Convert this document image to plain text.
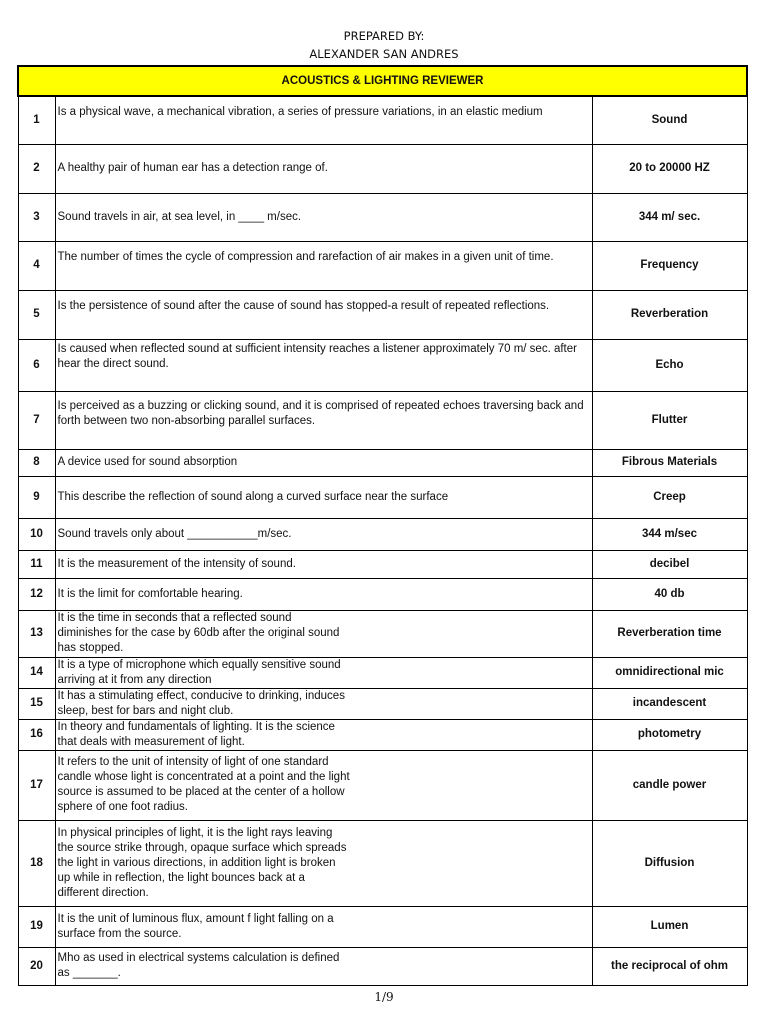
PREPARED BY:
ALEXANDER SAN ANDRES
ACOUSTICS & LIGHTING REVIEWER		
1	Is a physical wave, a mechanical vibration, a series of pressure variations, in an elastic medium	Sound
2	A healthy pair of human ear has a detection range of.	20 to 20000 HZ
3	Sound travels in air, at sea level, in ____ m/sec.	344 m/ sec.
4	The number of times the cycle of compression and rarefaction of air makes in a given unit of time.	Frequency
5	Is the persistence of sound after the cause of sound has stopped-a result of repeated reflections.	Reverberation
6	Is caused when reflected sound at sufficient intensity reaches a listener approximately 70 m/ sec. after hear the direct sound.	Echo
7	Is perceived as a buzzing or clicking sound, and it is comprised of repeated echoes traversing back and forth between two non-absorbing parallel surfaces.	Flutter
8	A device used for sound absorption	Fibrous Materials
9	This describe the reflection of sound along a curved surface near the surface	Creep
10	Sound travels only about ___________m/sec.	344 m/sec
11	It is the measurement of the intensity of sound.	decibel
12	It is the limit for comfortable hearing.	40 db
13	It is the time in seconds that a reflected sound diminishes for the case by 60db after the original sound has stopped.	Reverberation time
14	It is a type of microphone which equally sensitive sound arriving at it from any direction	omnidirectional mic
15	It has a stimulating effect, conducive to drinking, induces sleep, best for bars and night club.	incandescent
16	In theory and fundamentals of lighting. It is the science that deals with measurement of light.	photometry
17	It refers to the unit of intensity of light of one standard candle whose light is concentrated at a point and the light source is assumed to be placed at the center of a hollow sphere of one foot radius.	candle power
18	In physical principles of light, it is the light rays leaving the source strike through, opaque surface which spreads the light in various directions, in addition light is broken up while in reflection, the light bounces back at a different direction.	Diffusion
19	It is the unit of luminous flux, amount f light falling on a surface from the source.	Lumen
20	Mho as used in electrical systems calculation is defined as _______.	the reciprocal of ohm
1/9
